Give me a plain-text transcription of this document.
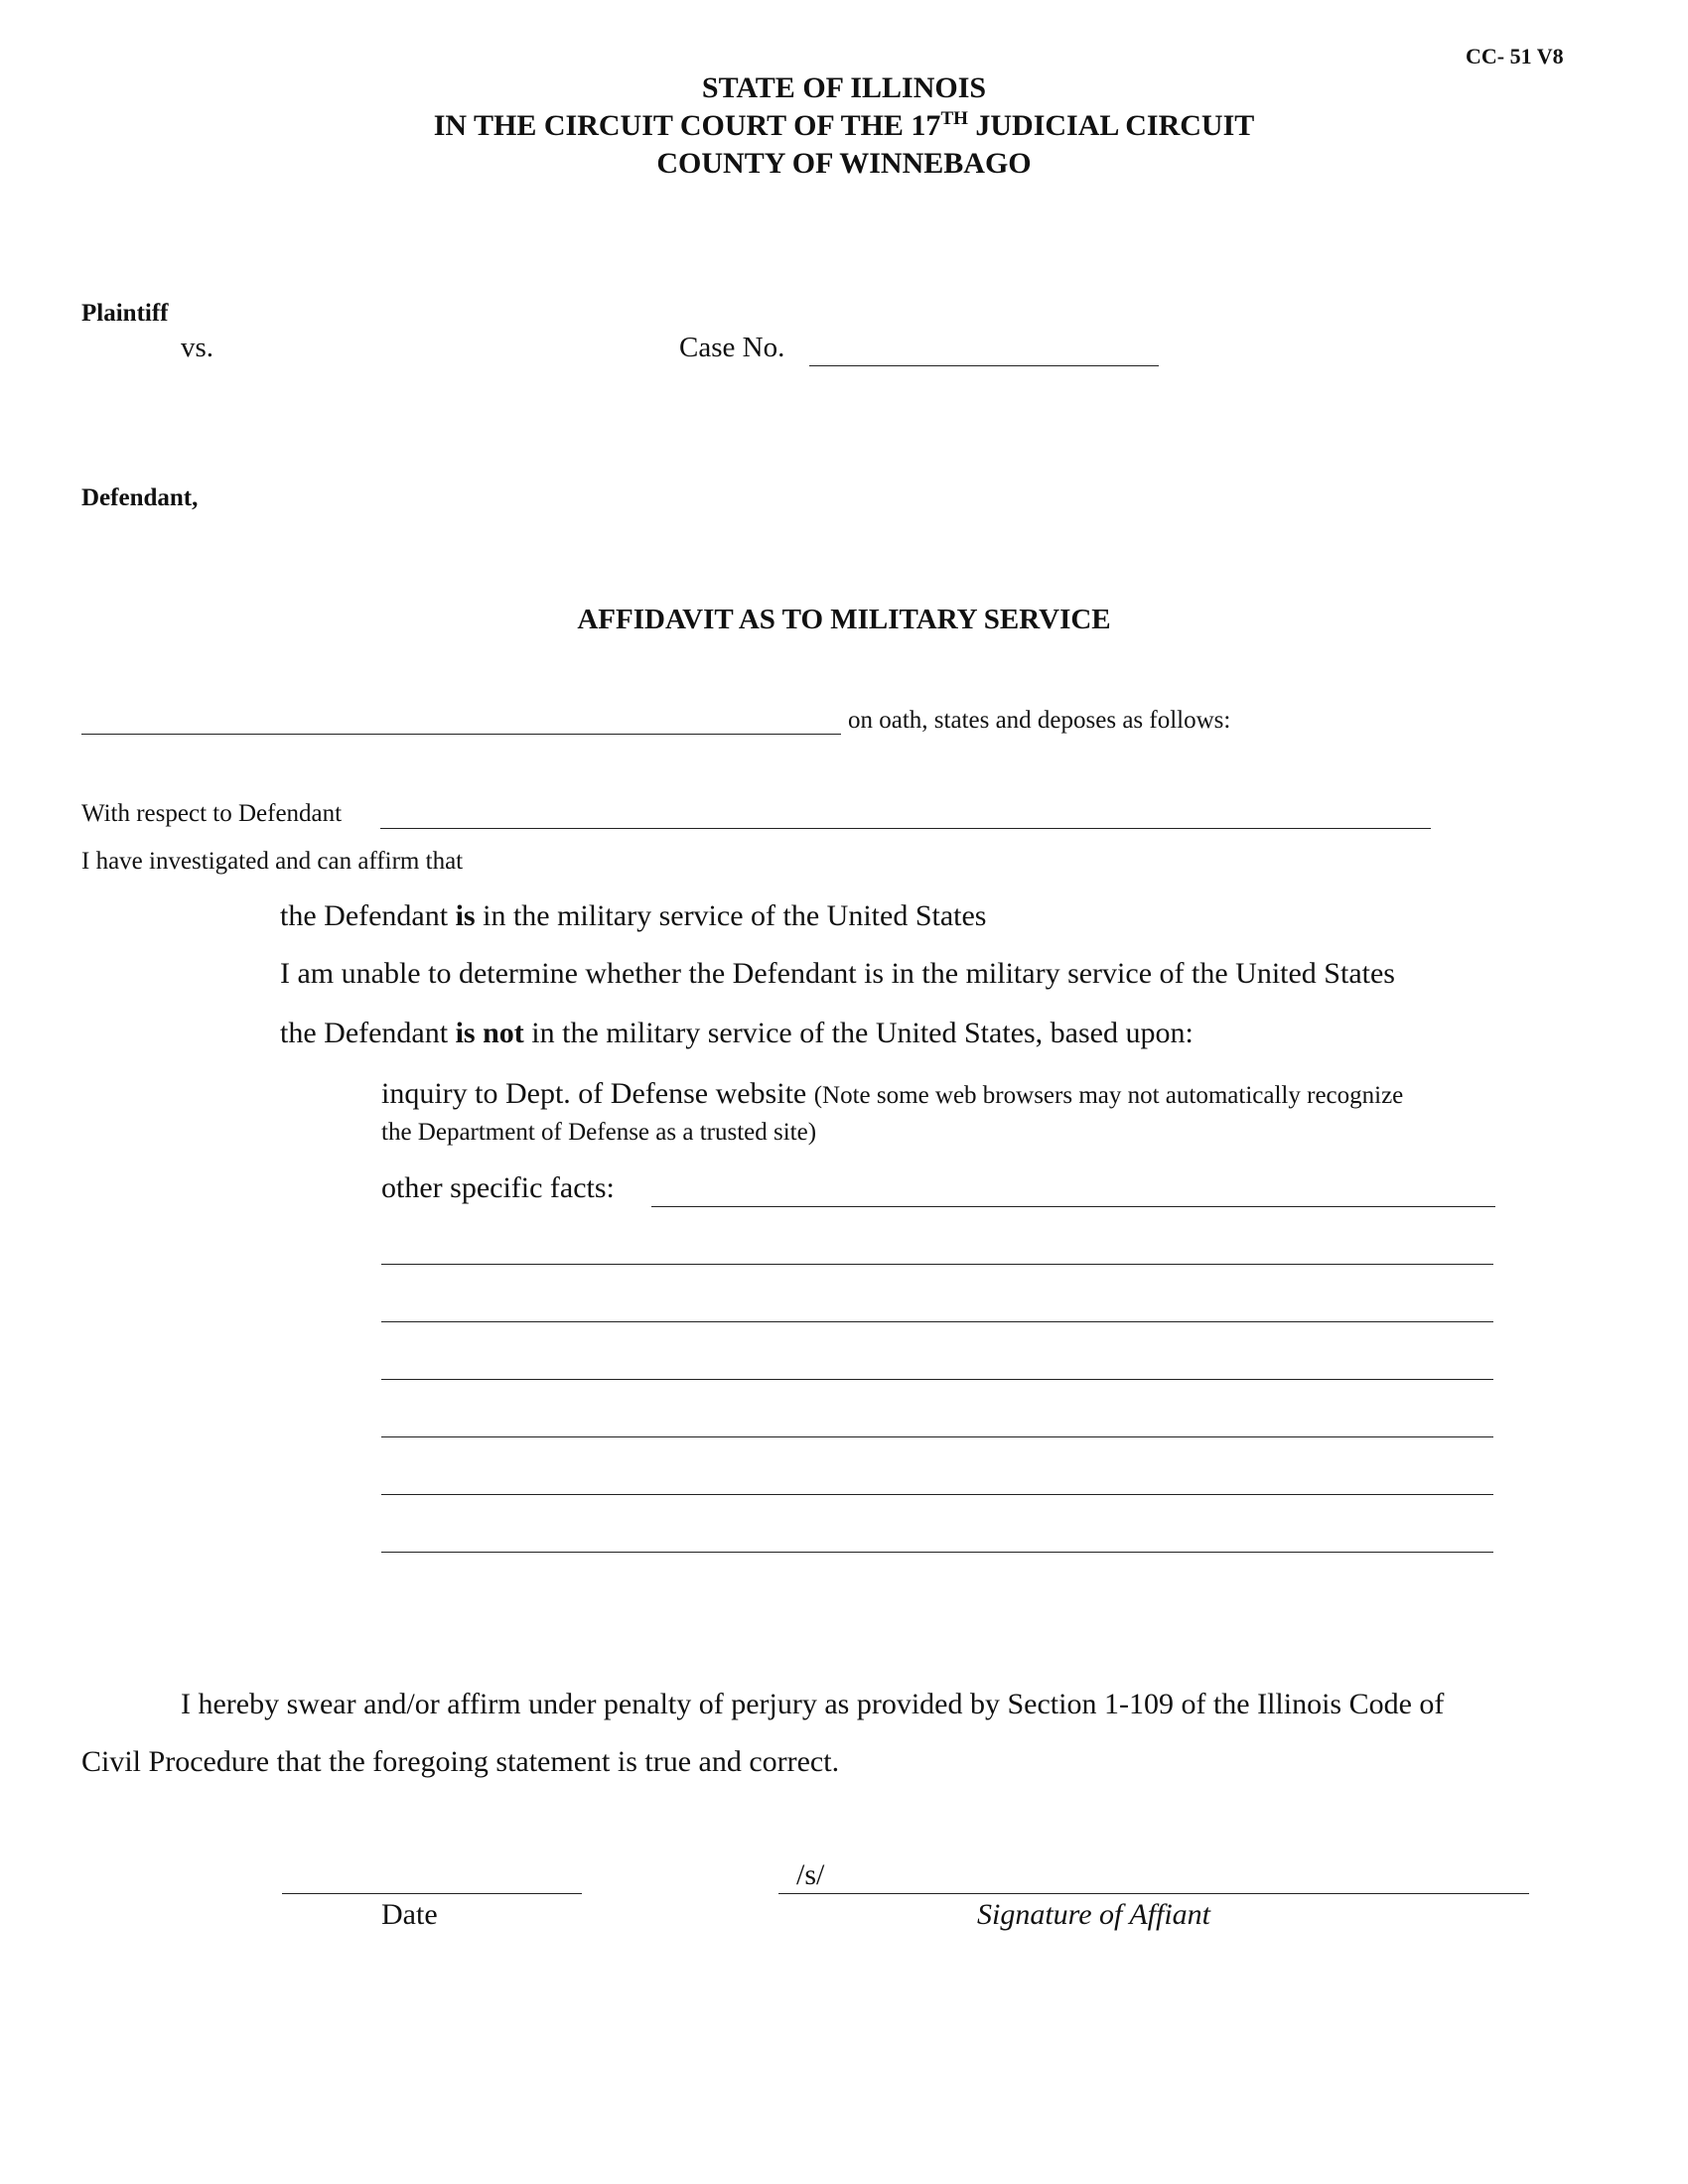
CC- 51 V8
STATE OF ILLINOIS
IN THE CIRCUIT COURT OF THE 17TH JUDICIAL CIRCUIT
COUNTY OF WINNEBAGO
Plaintiff
vs.	Case No.
Defendant,
AFFIDAVIT AS TO MILITARY SERVICE
on oath, states and deposes as follows:
With respect to Defendant
I have investigated and can affirm that
the Defendant is in the military service of the United States
I am unable to determine whether the Defendant is in the military service of the United States
the Defendant is not in the military service of the United States, based upon:
inquiry to Dept. of Defense website (Note some web browsers may not automatically recognize
the Department of Defense as a trusted site)
other specific facts:
I hereby swear and/or affirm under penalty of perjury as provided by Section 1-109 of the Illinois Code of
Civil Procedure that the foregoing statement is true and correct.
Date
/s/
Signature of Affiant
